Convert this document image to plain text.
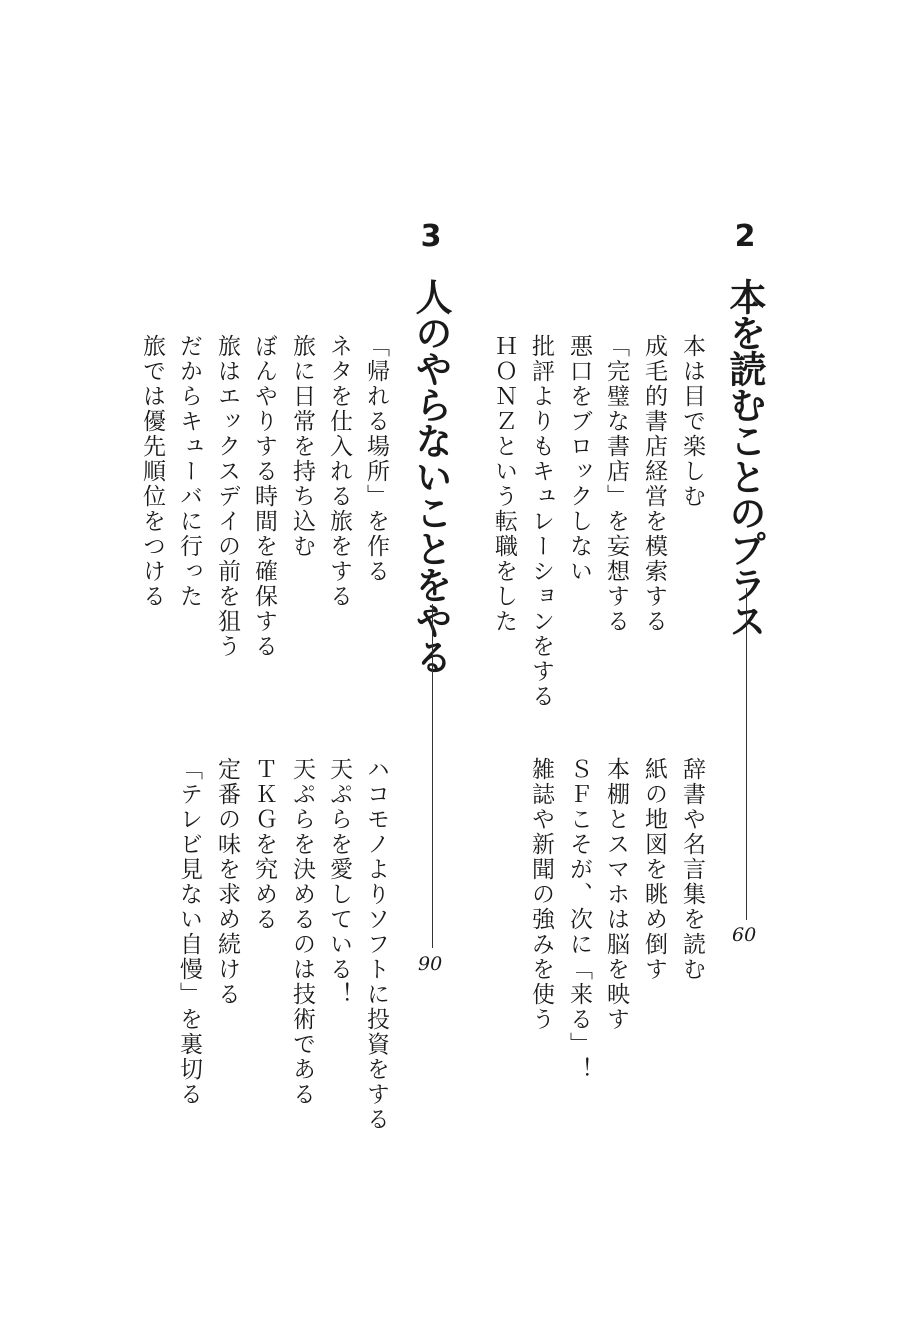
2
本を読むことのプラス
60
本は目で楽しむ
成毛的書店経営を模索する
「完璧な書店」を妄想する
悪口をブロックしない
批評よりもキュレーションをする
ＨＯＮＺという転職をした
辞書や名言集を読む
紙の地図を眺め倒す
本棚とスマホは脳を映す
ＳＦこそが、次に「来る」！
雑誌や新聞の強みを使う
3
人のやらないことをやる
90
「帰れる場所」を作る
ネタを仕入れる旅をする
旅に日常を持ち込む
ぼんやりする時間を確保する
旅はエックスデイの前を狙う
だからキューバに行った
旅では優先順位をつける
ハコモノよりソフトに投資をする
天ぷらを愛している！
天ぷらを決めるのは技術である
ＴＫＧを究める
定番の味を求め続ける
「テレビ見ない自慢」を裏切る
